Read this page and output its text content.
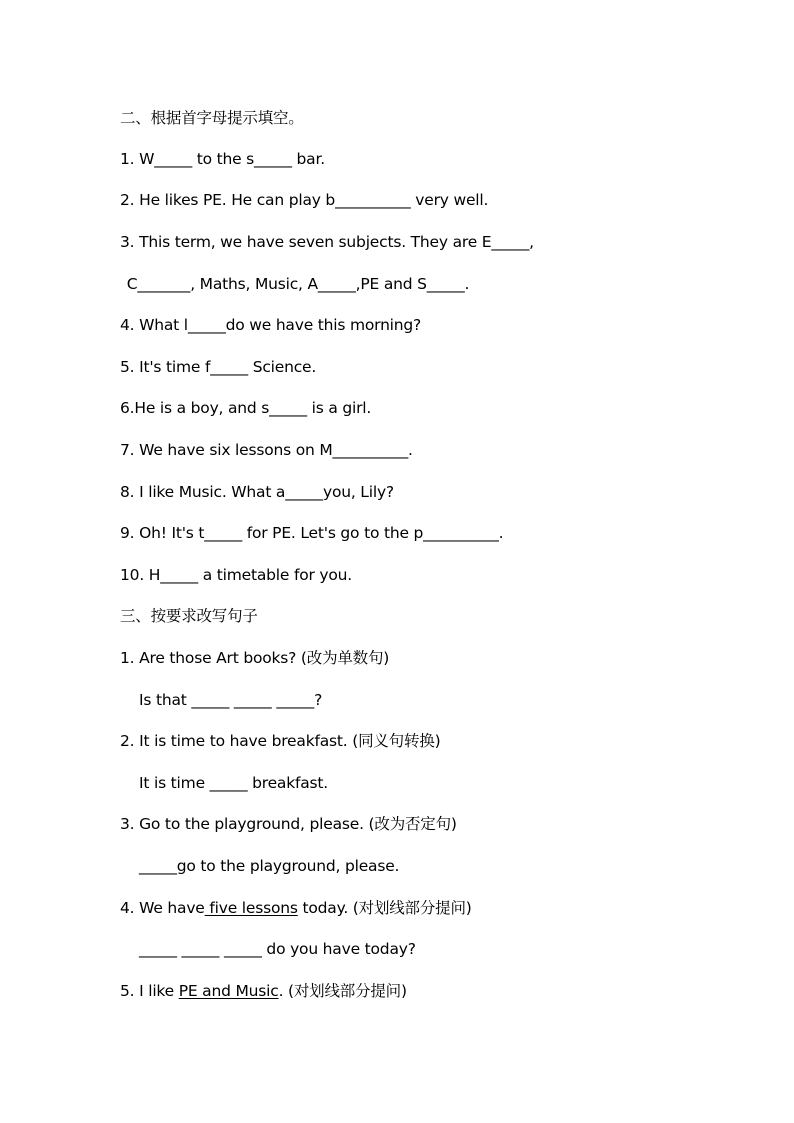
二、根据首字母提示填空。
1. W_____ to the s_____ bar.
2. He likes PE. He can play b__________ very well.
3. This term, we have seven subjects. They are E_____,
C_______, Maths, Music, A_____,PE and S_____.
4. What l_____do we have this morning?
5. It's time f_____ Science.
6.He is a boy, and s_____ is a girl.
7. We have six lessons on M__________.
8. I like Music. What a_____you, Lily?
9. Oh! It's t_____ for PE. Let's go to the p__________.
10. H_____ a timetable for you.
三、按要求改写句子
1. Are those Art books? (改为单数句)
Is that _____ _____ _____?
2. It is time to have breakfast. (同义句转换)
It is time _____ breakfast.
3. Go to the playground, please. (改为否定句)
_____go to the playground, please.
4. We have five lessons today. (对划线部分提问)
_____ _____ _____ do you have today?
5. I like PE and Music. (对划线部分提问)
